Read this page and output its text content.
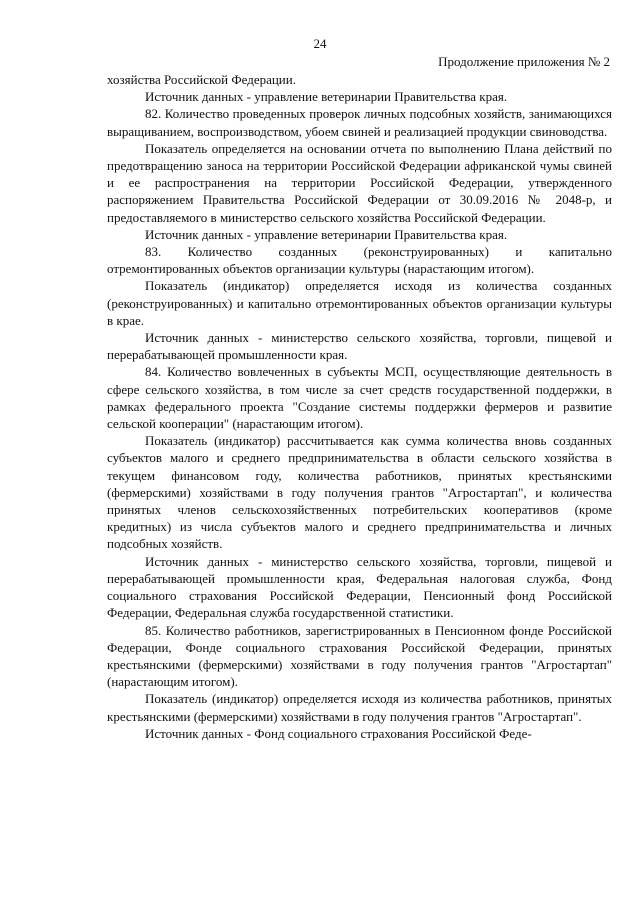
24
Продолжение приложения № 2

хозяйства Российской Федерации.

Источник данных - управление ветеринарии Правительства края.

82. Количество проведенных проверок личных подсобных хозяйств, занимающихся выращиванием, воспроизводством, убоем свиней и реализацией продукции свиноводства.

Показатель определяется на основании отчета по выполнению Плана действий по предотвращению заноса на территории Российской Федерации африканской чумы свиней и ее распространения на территории Российской Федерации, утвержденного распоряжением Правительства Российской Федерации от 30.09.2016 № 2048-р, и предоставляемого в министерство сельского хозяйства Российской Федерации.

Источник данных - управление ветеринарии Правительства края.

83. Количество созданных (реконструированных) и капитально отремонтированных объектов организации культуры (нарастающим итогом).

Показатель (индикатор) определяется исходя из количества созданных (реконструированных) и капитально отремонтированных объектов организации культуры в крае.

Источник данных - министерство сельского хозяйства, торговли, пищевой и перерабатывающей промышленности края.

84. Количество вовлеченных в субъекты МСП, осуществляющие деятельность в сфере сельского хозяйства, в том числе за счет средств государственной поддержки, в рамках федерального проекта "Создание системы поддержки фермеров и развитие сельской кооперации" (нарастающим итогом).

Показатель (индикатор) рассчитывается как сумма количества вновь созданных субъектов малого и среднего предпринимательства в области сельского хозяйства в текущем финансовом году, количества работников, принятых крестьянскими (фермерскими) хозяйствами в году получения грантов "Агростартап", и количества принятых членов сельскохозяйственных потребительских кооперативов (кроме кредитных) из числа субъектов малого и среднего предпринимательства и личных подсобных хозяйств.

Источник данных - министерство сельского хозяйства, торговли, пищевой и перерабатывающей промышленности края, Федеральная налоговая служба, Фонд социального страхования Российской Федерации, Пенсионный фонд Российской Федерации, Федеральная служба государственной статистики.

85. Количество работников, зарегистрированных в Пенсионном фонде Российской Федерации, Фонде социального страхования Российской Федерации, принятых крестьянскими (фермерскими) хозяйствами в году получения грантов "Агростартап" (нарастающим итогом).

Показатель (индикатор) определяется исходя из количества работников, принятых крестьянскими (фермерскими) хозяйствами в году получения грантов "Агростартап".

Источник данных - Фонд социального страхования Российской Феде-
